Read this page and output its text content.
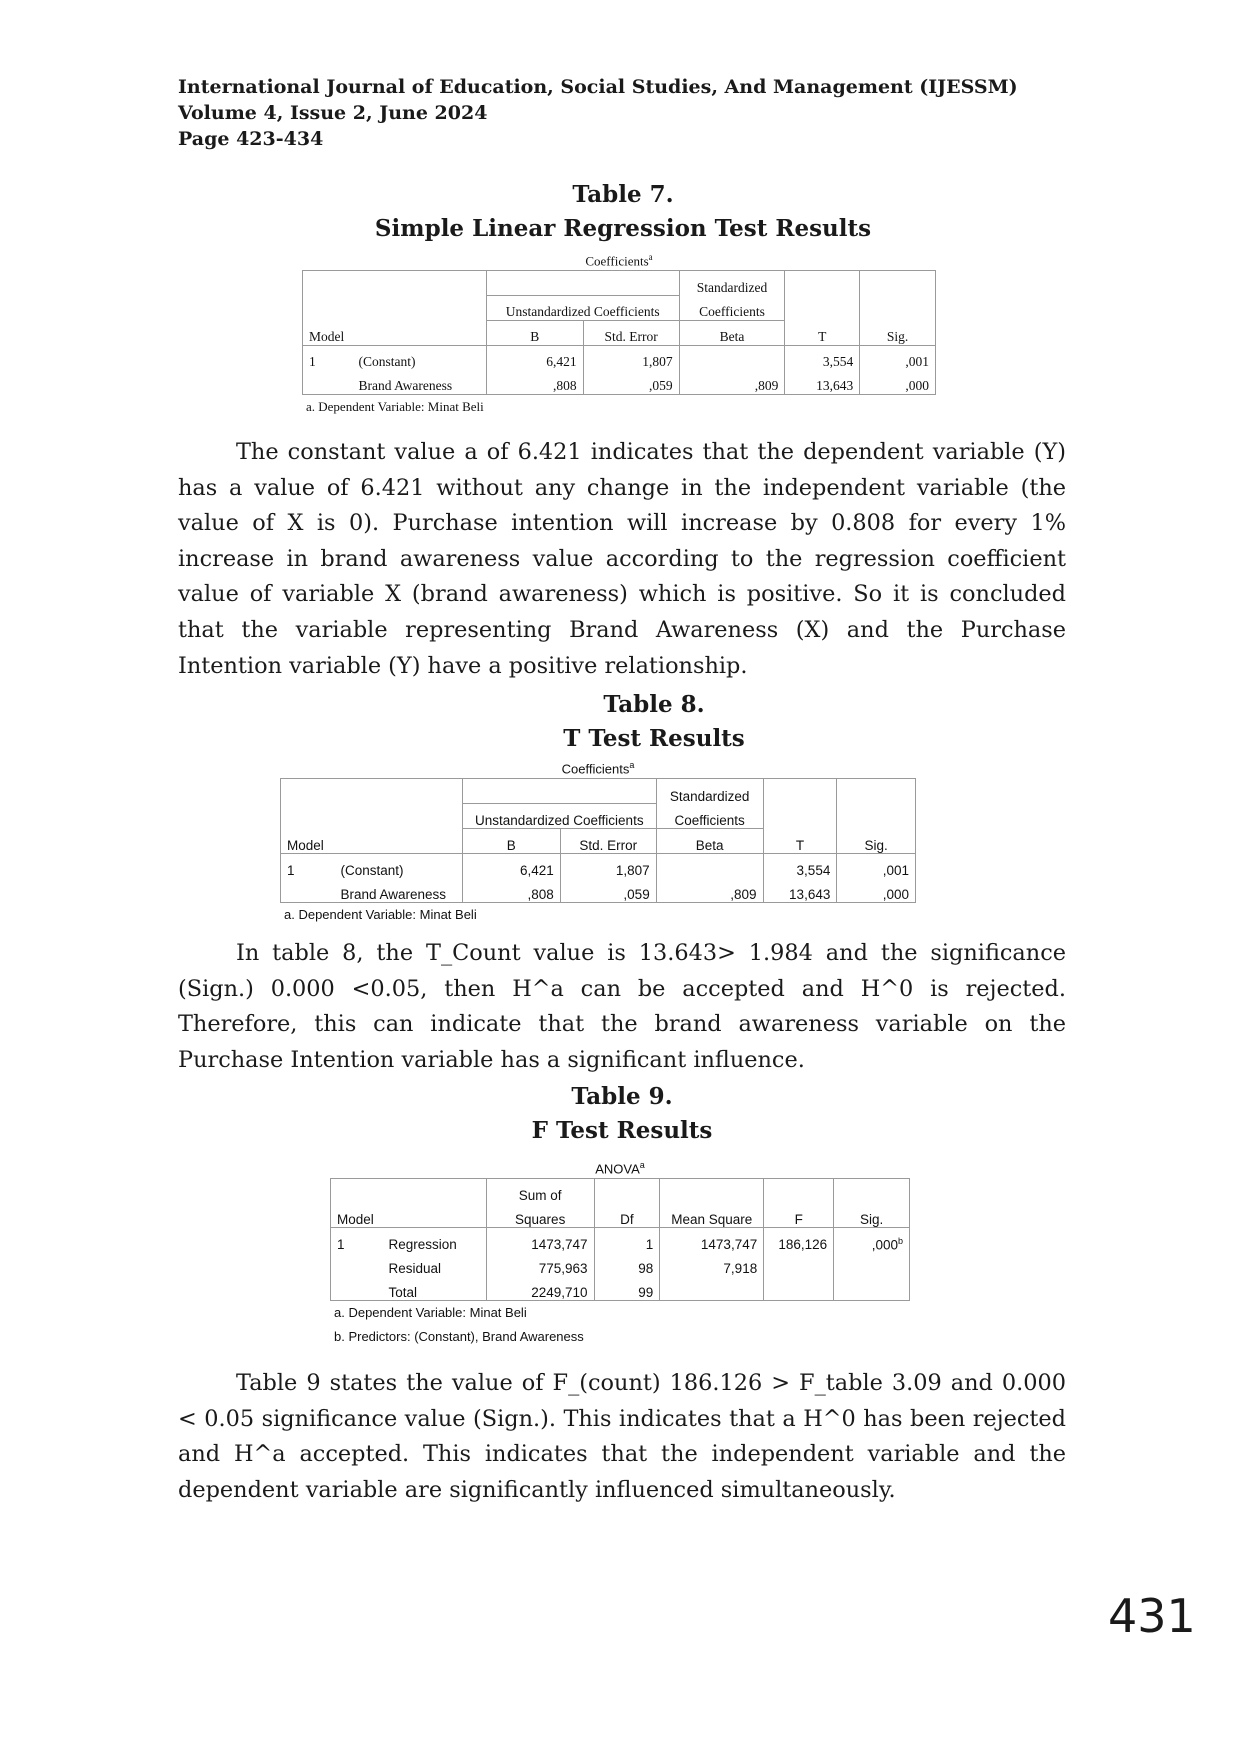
International Journal of Education, Social Studies, And Management (IJESSM)
Volume 4, Issue 2, June 2024
Page 423-434
Table 7.
Simple Linear Regression Test Results
Coefficients$^a$
				Standardized		
		Unstandardized Coefficients		Coefficients		
Model		B	Std. Error	Beta	T	Sig.
1	(Constant)	6,421	1,807		3,554	,001
	Brand Awareness	,808	,059	,809	13,643	,000
a. Dependent Variable: Minat Beli
The constant value a of 6.421 indicates that the dependent variable (Y) has a value of 6.421 without any change in the independent variable (the value of X is 0). Purchase intention will increase by 0.808 for every 1% increase in brand awareness value according to the regression coefficient value of variable X (brand awareness) which is positive. So it is concluded that the variable representing Brand Awareness (X) and the Purchase Intention variable (Y) have a positive relationship.
Table 8.
T Test Results
Coefficients$^a$
				Standardized		
		Unstandardized Coefficients		Coefficients		
Model		B	Std. Error	Beta	T	Sig.
1	(Constant)	6,421	1,807		3,554	,001
	Brand Awareness	,808	,059	,809	13,643	,000
a. Dependent Variable: Minat Beli
In table 8, the T_Count value is 13.643> 1.984 and the significance (Sign.) 0.000 <0.05, then H^a can be accepted and H^0 is rejected. Therefore, this can indicate that the brand awareness variable on the Purchase Intention variable has a significant influence.
Table 9.
F Test Results
ANOVA$^a$
		Sum of				
Model		Squares	Df	Mean Square	F	Sig.
1	Regression	1473,747	1	1473,747	186,126	,000$^b$
	Residual	775,963	98	7,918		
	Total	2249,710	99			
a. Dependent Variable: Minat Beli
b. Predictors: (Constant), Brand Awareness
Table 9 states the value of F_(count) 186.126 > F_table 3.09 and 0.000 < 0.05 significance value (Sign.). This indicates that a H^0 has been rejected and H^a accepted. This indicates that the independent variable and the dependent variable are significantly influenced simultaneously.
431
